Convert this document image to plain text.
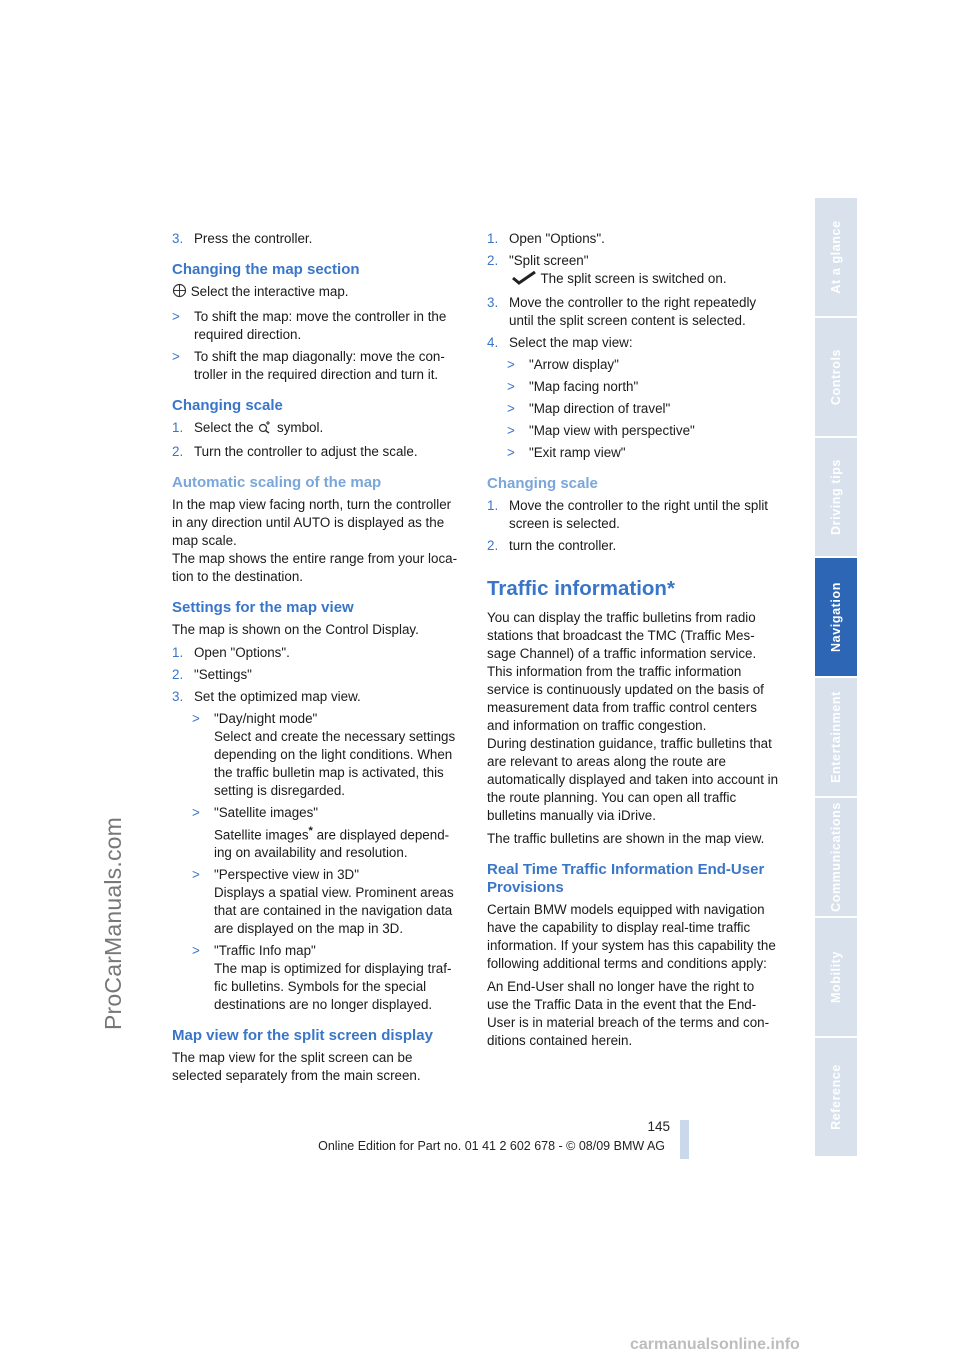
ProCarManuals.com
3. Press the controller.
Changing the map section

Select the interactive map.

>	To shift the map: move the controller in the required direction.
>	To shift the map diagonally: move the con-troller in the required direction and turn it.
Changing scale
1. Select the symbol.
2. Turn the controller to adjust the scale.
Automatic scaling of the map

In the map view facing north, turn the controller in any direction until AUTO is displayed as the map scale.

The map shows the entire range from your loca-tion to the destination.

Settings for the map view

The map is shown on the Control Display.

1. Open "Options".
2. "Settings"
3. Set the optimized map view.
>	"Day/night mode"
Select and create the necessary settings depending on the light conditions. When the traffic bulletin map is activated, this setting is disregarded.
>	"Satellite images"
Satellite images* are displayed depend-ing on availability and resolution.
>	"Perspective view in 3D"
Displays a spatial view. Prominent areas that are contained in the navigation data are displayed on the map in 3D.
>	"Traffic Info map"
The map is optimized for displaying traf-fic bulletins. Symbols for the special destinations are no longer displayed.
Map view for the split screen display

The map view for the split screen can be selected separately from the main screen.

1. Open "Options".
2. "Split screen"
The split screen is switched on.
3. Move the controller to the right repeatedly until the split screen content is selected.
4. Select the map view:
>	"Arrow display"
>	"Map facing north"
>	"Map direction of travel"
>	"Map view with perspective"
>	"Exit ramp view"
Changing scale
1. Move the controller to the right until the split screen is selected.
2. turn the controller.
Traffic information*

You can display the traffic bulletins from radio stations that broadcast the TMC (Traffic Mes-sage Channel) of a traffic information service. This information from the traffic information service is continuously updated on the basis of measurement data from traffic control centers and information on traffic congestion.

During destination guidance, traffic bulletins that are relevant to areas along the route are automatically displayed and taken into account in the route planning. You can open all traffic bulletins manually via iDrive.

The traffic bulletins are shown in the map view.

Real Time Traffic Information End-User Provisions

Certain BMW models equipped with navigation have the capability to display real-time traffic information. If your system has this capability the following additional terms and conditions apply:

An End-User shall no longer have the right to use the Traffic Data in the event that the End-User is in material breach of the terms and con-ditions contained herein.

At a glance
Controls
Driving tips
Navigation
Entertainment
Communications
Mobility
Reference
145
Online Edition for Part no. 01 41 2 602 678 - © 08/09 BMW AG
carmanualsonline.info
